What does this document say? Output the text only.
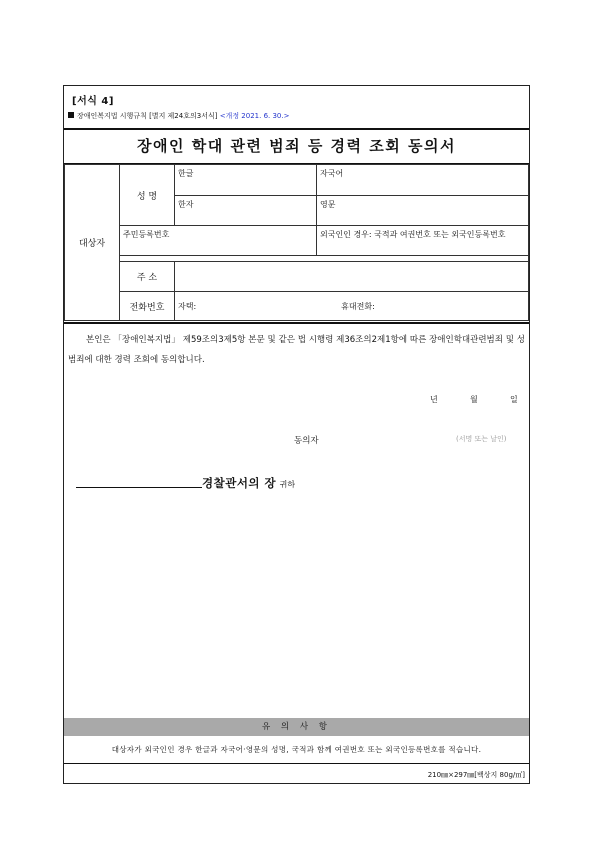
[서식 4]
장애인복지법 시행규칙 [별지 제24호의3서식] <개정 2021. 6. 30.>
장애인 학대 관련 범죄 등 경력 조회 동의서
대상자	성 명	한글	자국어
		한자	영문
	주민등록번호		외국인인 경우: 국적과 여권번호 또는 외국인등록번호

	주 소		
	전화번호	자택: 휴대전화:	

본인은 「장애인복지법」 제59조의3제5항 본문 및 같은 법 시행령 제36조의2제1항에 따른 장애인학대관련범죄 및 성범죄에 대한 경력 조회에 동의합니다.

년	월	일
동의자	(서명 또는 날인)
경찰관서의 장 귀하
유 의 사 항
대상자가 외국인인 경우 한글과 자국어·영문의 성명, 국적과 함께 여권번호 또는 외국인등록번호를 적습니다.
210㎜×297㎜[백상지 80g/㎡]
